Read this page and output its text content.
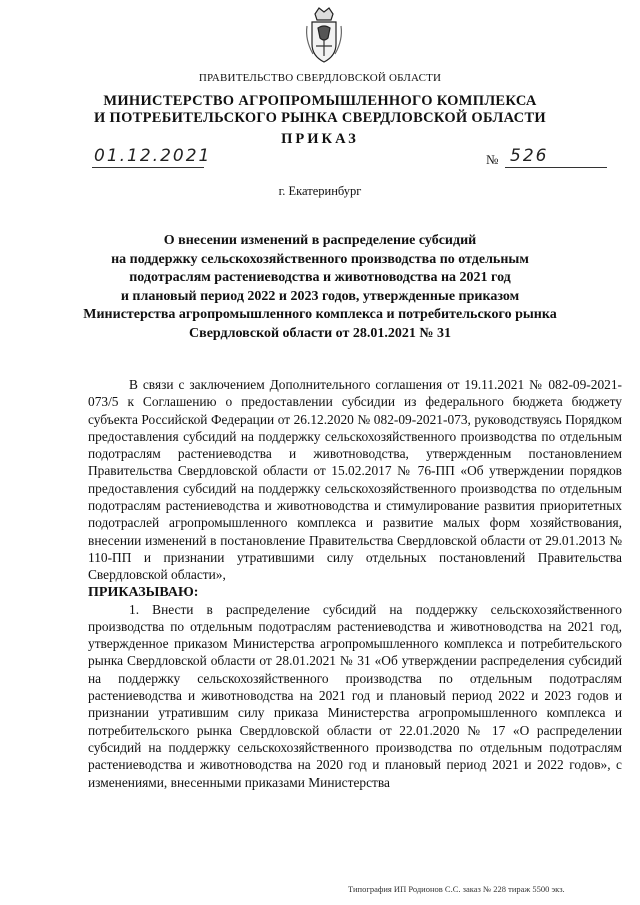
ПРАВИТЕЛЬСТВО СВЕРДЛОВСКОЙ ОБЛАСТИ
МИНИСТЕРСТВО АГРОПРОМЫШЛЕННОГО КОМПЛЕКСА
И ПОТРЕБИТЕЛЬСКОГО РЫНКА СВЕРДЛОВСКОЙ ОБЛАСТИ
ПРИКАЗ
01.12.2021	№ 526
г. Екатеринбург
О внесении изменений в распределение субсидий
на поддержку сельскохозяйственного производства по отдельным
подотраслям растениеводства и животноводства на 2021 год
и плановый период 2022 и 2023 годов, утвержденные приказом
Министерства агропромышленного комплекса и потребительского рынка
Свердловской области от 28.01.2021 № 31

В связи с заключением Дополнительного соглашения от 19.11.2021 № 082-09-2021-073/5 к Соглашению о предоставлении субсидии из федерального бюджета бюджету субъекта Российской Федерации от 26.12.2020 № 082-09-2021-073, руководствуясь Порядком предоставления субсидий на поддержку сельскохозяйственного производства по отдельным подотраслям растениеводства и животноводства, утвержденным постановлением Правительства Свердловской области от 15.02.2017 № 76-ПП «Об утверждении порядков предоставления субсидий на поддержку сельскохозяйственного производства по отдельным подотраслям растениеводства и животноводства и стимулирование развития приоритетных подотраслей агропромышленного комплекса и развитие малых форм хозяйствования, внесении изменений в постановление Правительства Свердловской области от 29.01.2013 № 110-ПП и признании утратившими силу отдельных постановлений Правительства Свердловской области»,

ПРИКАЗЫВАЮ:

1. Внести в распределение субсидий на поддержку сельскохозяйственного производства по отдельным подотраслям растениеводства и животноводства на 2021 год, утвержденное приказом Министерства агропромышленного комплекса и потребительского рынка Свердловской области от 28.01.2021 № 31 «Об утверждении распределения субсидий на поддержку сельскохозяйственного производства по отдельным подотраслям растениеводства и животноводства на 2021 год и плановый период 2022 и 2023 годов и признании утратившим силу приказа Министерства агропромышленного комплекса и потребительского рынка Свердловской области от 22.01.2020 № 17 «О распределении субсидий на поддержку сельскохозяйственного производства по отдельным подотраслям растениеводства и животноводства на 2020 год и плановый период 2021 и 2022 годов», с изменениями, внесенными приказами Министерства

Типография ИП Родионов С.С. заказ № 228 тираж 5500 экз.
